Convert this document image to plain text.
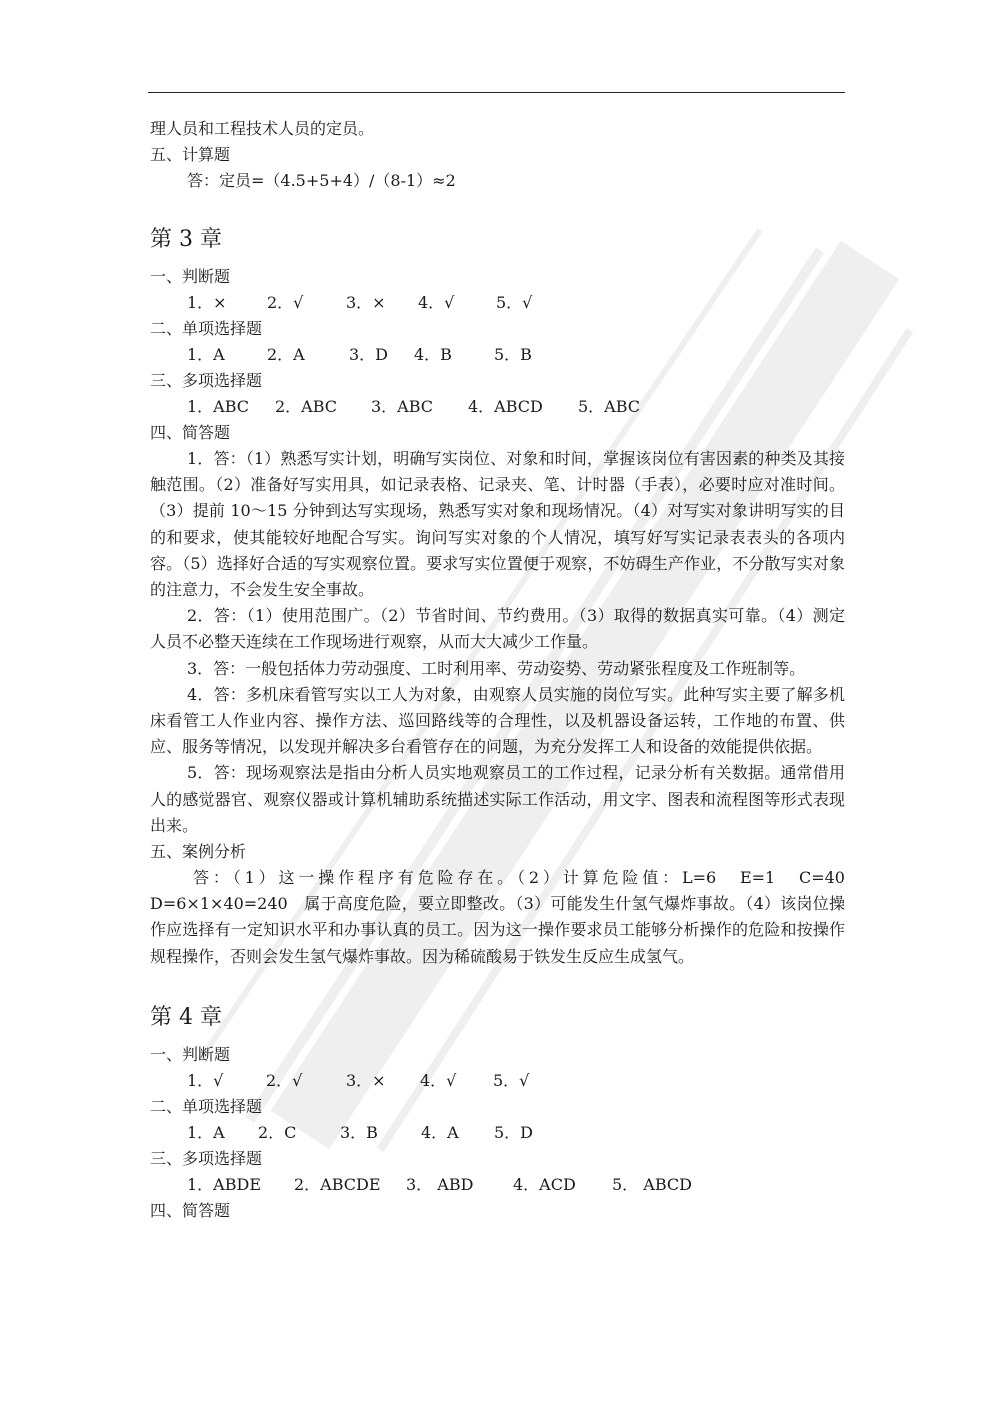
理人员和工程技术人员的定员。
五、计算题
答：定员=（4.5+5+4）/（8-1）≈2
第 3 章
一、判断题
1．×	2．√	3．× 4．√	5．√
二、单项选择题
1．A	2．A	3．D 4．B	5．B
三、多项选择题
1．ABC 2．ABC 3．ABC 4．ABCD 5．ABC
四、简答题
1．答：（1）熟悉写实计划，明确写实岗位、对象和时间，掌握该岗位有害因素的种类及其接触范围。（2）准备好写实用具，如记录表格、记录夹、笔、计时器（手表），必要时应对准时间。（3）提前 10～15 分钟到达写实现场，熟悉写实对象和现场情况。（4）对写实对象讲明写实的目的和要求，使其能较好地配合写实。询问写实对象的个人情况，填写好写实记录表表头的各项内容。（5）选择好合适的写实观察位置。要求写实位置便于观察，不妨碍生产作业，不分散写实对象的注意力，不会发生安全事故。
2．答：（1）使用范围广。（2）节省时间、节约费用。（3）取得的数据真实可靠。（4）测定人员不必整天连续在工作现场进行观察，从而大大减少工作量。
3．答：一般包括体力劳动强度、工时利用率、劳动姿势、劳动紧张程度及工作班制等。
4．答：多机床看管写实以工人为对象，由观察人员实施的岗位写实。此种写实主要了解多机床看管工人作业内容、操作方法、巡回路线等的合理性，以及机器设备运转，工作地的布置、供应、服务等情况，以发现并解决多台看管存在的问题，为充分发挥工人和设备的效能提供依据。
5．答：现场观察法是指由分析人员实地观察员工的工作过程，记录分析有关数据。通常借用人的感觉器官、观察仪器或计算机辅助系统描述实际工作活动，用文字、图表和流程图等形式表现出来。
五、案例分析
答：（1）这一操作程序有危险存在。（2）计算危险值：L=6　E=1　C=40　D=6×1×40=240　属于高度危险，要立即整改。（3）可能发生什氢气爆炸事故。（4）该岗位操作应选择有一定知识水平和办事认真的员工。因为这一操作要求员工能够分析操作的危险和按操作规程操作，否则会发生氢气爆炸事故。因为稀硫酸易于铁发生反应生成氢气。
第 4 章
一、判断题
1．√	2．√	3．× 4．√ 5．√
二、单项选择题
1．A 2．C	3．B	4．A 5．D
三、多项选择题
1．ABDE 2．ABCDE 3． ABD 4．ACD 5． ABCD
四、简答题
